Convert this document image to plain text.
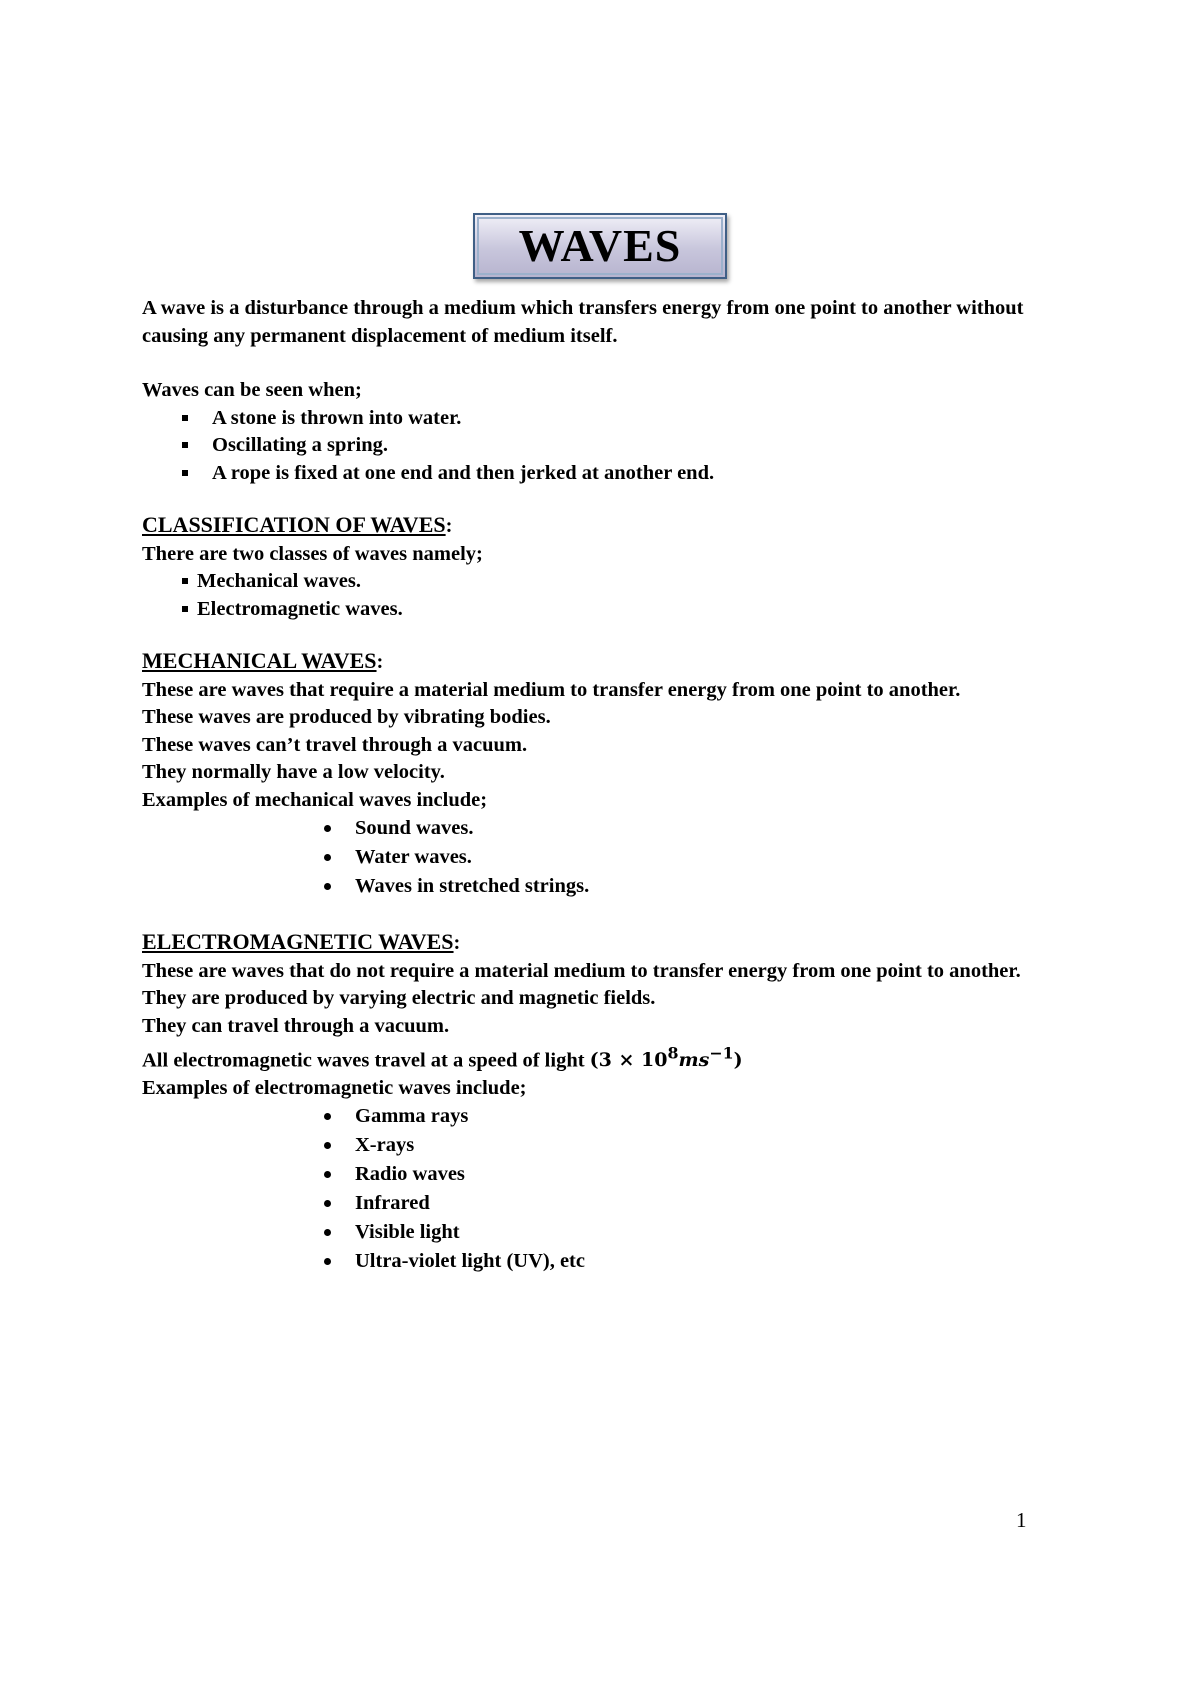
WAVES

A wave is a disturbance through a medium which transfers energy from one point to another without causing any permanent displacement of medium itself.

Waves can be seen when;

A stone is thrown into water.
Oscillating a spring.
A rope is fixed at one end and then jerked at another end.

CLASSIFICATION OF WAVES:

There are two classes of waves namely;

Mechanical waves.
Electromagnetic waves.

MECHANICAL WAVES:

These are waves that require a material medium to transfer energy from one point to another.

These waves are produced by vibrating bodies.

These waves can’t travel through a vacuum.

They normally have a low velocity.

Examples of mechanical waves include;

Sound waves.
Water waves.
Waves in stretched strings.

ELECTROMAGNETIC WAVES:

These are waves that do not require a material medium to transfer energy from one point to another.

They are produced by varying electric and magnetic fields.

They can travel through a vacuum.

All electromagnetic waves travel at a speed of light $(3 \times 10^8ms^{-1})$

Examples of electromagnetic waves include;

Gamma rays
X-rays
Radio waves
Infrared
Visible light
Ultra-violet light (UV), etc
1
